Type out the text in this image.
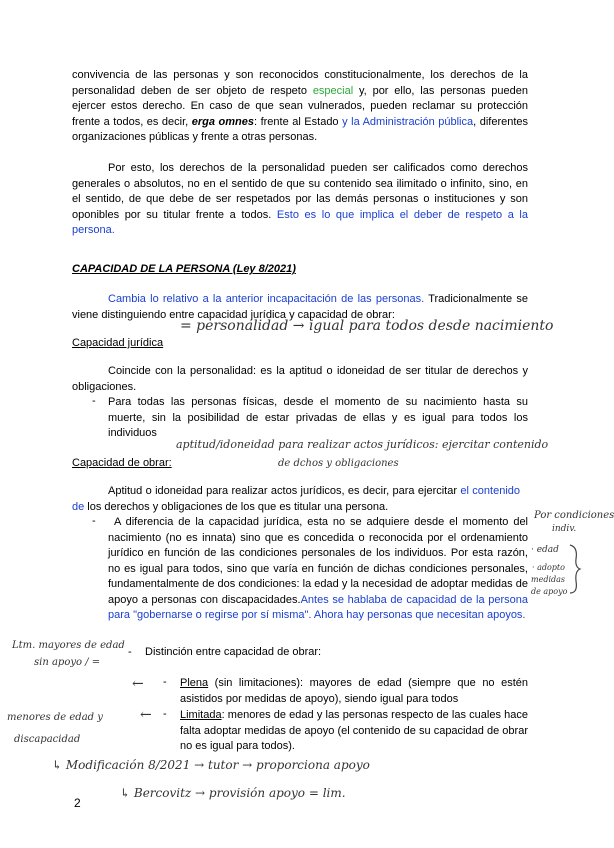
convivencia de las personas y son reconocidos constitucionalmente, los derechos de la personalidad deben de ser objeto de respeto especial y, por ello, las personas pueden ejercer estos derecho. En caso de que sean vulnerados, pueden reclamar su protección frente a todos, es decir, erga omnes: frente al Estado y la Administración pública, diferentes organizaciones públicas y frente a otras personas.
Por esto, los derechos de la personalidad pueden ser calificados como derechos generales o absolutos, no en el sentido de que su contenido sea ilimitado o infinito, sino, en el sentido, de que debe de ser respetados por las demás personas o instituciones y son oponibles por su titular frente a todos. Esto es lo que implica el deber de respeto a la persona.
CAPACIDAD DE LA PERSONA (Ley 8/2021)
Cambia lo relativo a la anterior incapacitación de las personas. Tradicionalmente se viene distinguiendo entre capacidad jurídica y capacidad de obrar:
Capacidad jurídica
= personalidad → igual para todos desde nacimiento
Coincide con la personalidad: es la aptitud o idoneidad de ser titular de derechos y obligaciones.
- Para todas las personas físicas, desde el momento de su nacimiento hasta su muerte, sin la posibilidad de estar privadas de ellas y es igual para todos los individuos
Capacidad de obrar:
aptitud/idoneidad para realizar actos jurídicos: ejercitar contenido
de dchos y obligaciones
Aptitud o idoneidad para realizar actos jurídicos, es decir, para ejercitar el contenido de los derechos y obligaciones de los que es titular una persona.
-	A diferencia de la capacidad jurídica, esta no se adquiere desde el momento del nacimiento (no es innata) sino que es concedida o reconocida por el ordenamiento jurídico en función de las condiciones personales de los individuos. Por esta razón, no es igual para todos, sino que varía en función de dichas condiciones personales, fundamentalmente de dos condiciones: la edad y la necesidad de adoptar medidas de apoyo a personas con discapacidades.Antes se hablaba de capacidad de la persona para "gobernarse o regirse por sí misma". Ahora hay personas que necesitan apoyos.
Por condiciones
indiv.
· edad
· adopto
medidas
de apoyo
- Distinción entre capacidad de obrar:
- Plena (sin limitaciones): mayores de edad (siempre que no estén asistidos por medidas de apoyo), siendo igual para todos
- Limitada: menores de edad y las personas respecto de las cuales hace falta adoptar medidas de apoyo (el contenido de su capacidad de obrar no es igual para todos).
Ltm. mayores de edad
sin apoyo / =
←
menores de edad y
discapacidad
←
↳ Modificación 8/2021 → tutor → proporciona apoyo
↳ Bercovitz → provisión apoyo = lim.
2
